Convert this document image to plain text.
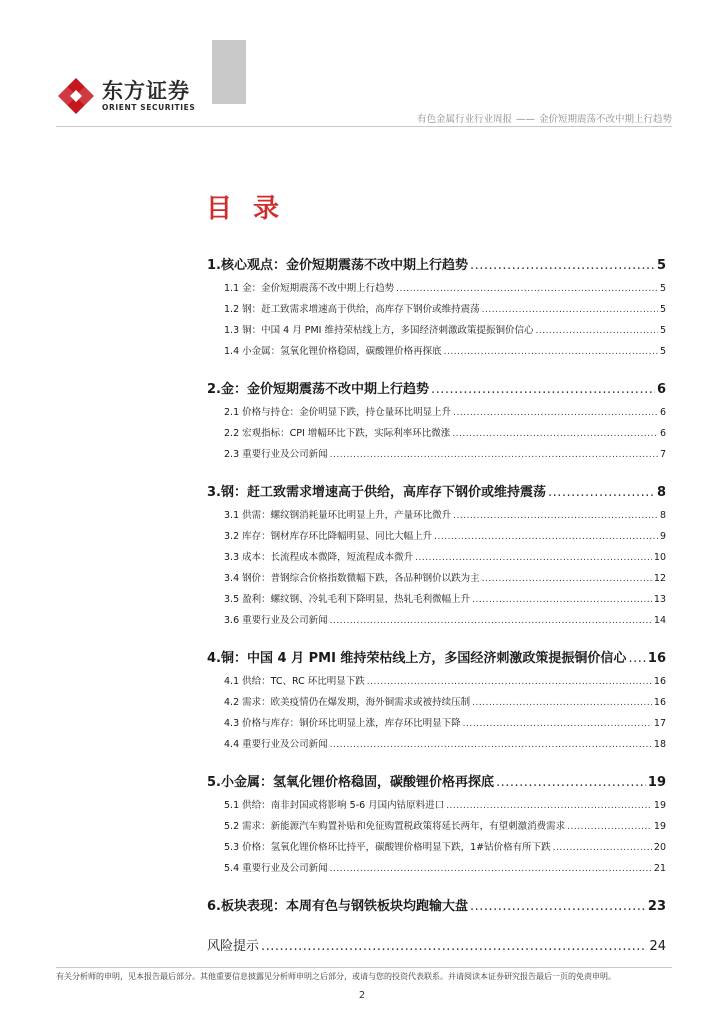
东方证券
ORIENT SECURITIES
有色金属行业行业周报 —— 金价短期震荡不改中期上行趋势
目 录
1.核心观点：金价短期震荡不改中期上行趋势 .....	5
1.1 金：金价短期震荡不改中期上行趋势 .....	5
1.2 钢：赶工致需求增速高于供给，高库存下钢价或维持震荡 .....	5
1.3 铜：中国 4 月 PMI 维持荣枯线上方，多国经济刺激政策提振铜价信心 .....	5
1.4 小金属：氢氧化锂价格稳固，碳酸锂价格再探底 .....	5
2.金：金价短期震荡不改中期上行趋势 .....	6
2.1 价格与持仓：金价明显下跌，持仓量环比明显上升 .....	6
2.2 宏观指标：CPI 增幅环比下跌，实际利率环比微涨 .....	6
2.3 重要行业及公司新闻 .....	7
3.钢：赶工致需求增速高于供给，高库存下钢价或维持震荡 .....	8
3.1 供需：螺纹钢消耗量环比明显上升，产量环比微升 .....	8
3.2 库存：钢材库存环比降幅明显、同比大幅上升 .....	9
3.3 成本：长流程成本微降，短流程成本微升 .....	10
3.4 钢价：普钢综合价格指数微幅下跌，各品种钢价以跌为主 .....	12
3.5 盈利：螺纹钢、冷轧毛利下降明显，热轧毛利微幅上升 .....	13
3.6 重要行业及公司新闻 .....	14
4.铜：中国 4 月 PMI 维持荣枯线上方，多国经济刺激政策提振铜价信心 ..... 16
4.1 供给：TC、RC 环比明显下跌 .....	16
4.2 需求：欧美疫情仍在爆发期，海外铜需求或被持续压制 .....	16
4.3 价格与库存：铜价环比明显上涨，库存环比明显下降 .....	17
4.4 重要行业及公司新闻 .....	18
5.小金属：氢氧化锂价格稳固，碳酸锂价格再探底 .....	19
5.1 供给：南非封国或将影响 5-6 月国内钴原料进口 .....	19
5.2 需求：新能源汽车购置补贴和免征购置税政策将延长两年，有望刺激消费需求 .....	19
5.3 价格：氢氧化锂价格环比持平，碳酸锂价格明显下跌，1#钴价格有所下跌 .....	20
5.4 重要行业及公司新闻 .....	21
6.板块表现：本周有色与钢铁板块均跑输大盘 .....	23
风险提示 .....	24
有关分析师的申明，见本报告最后部分。其他重要信息披露见分析师申明之后部分，或请与您的投资代表联系。并请阅读本证券研究报告最后一页的免责申明。
2
